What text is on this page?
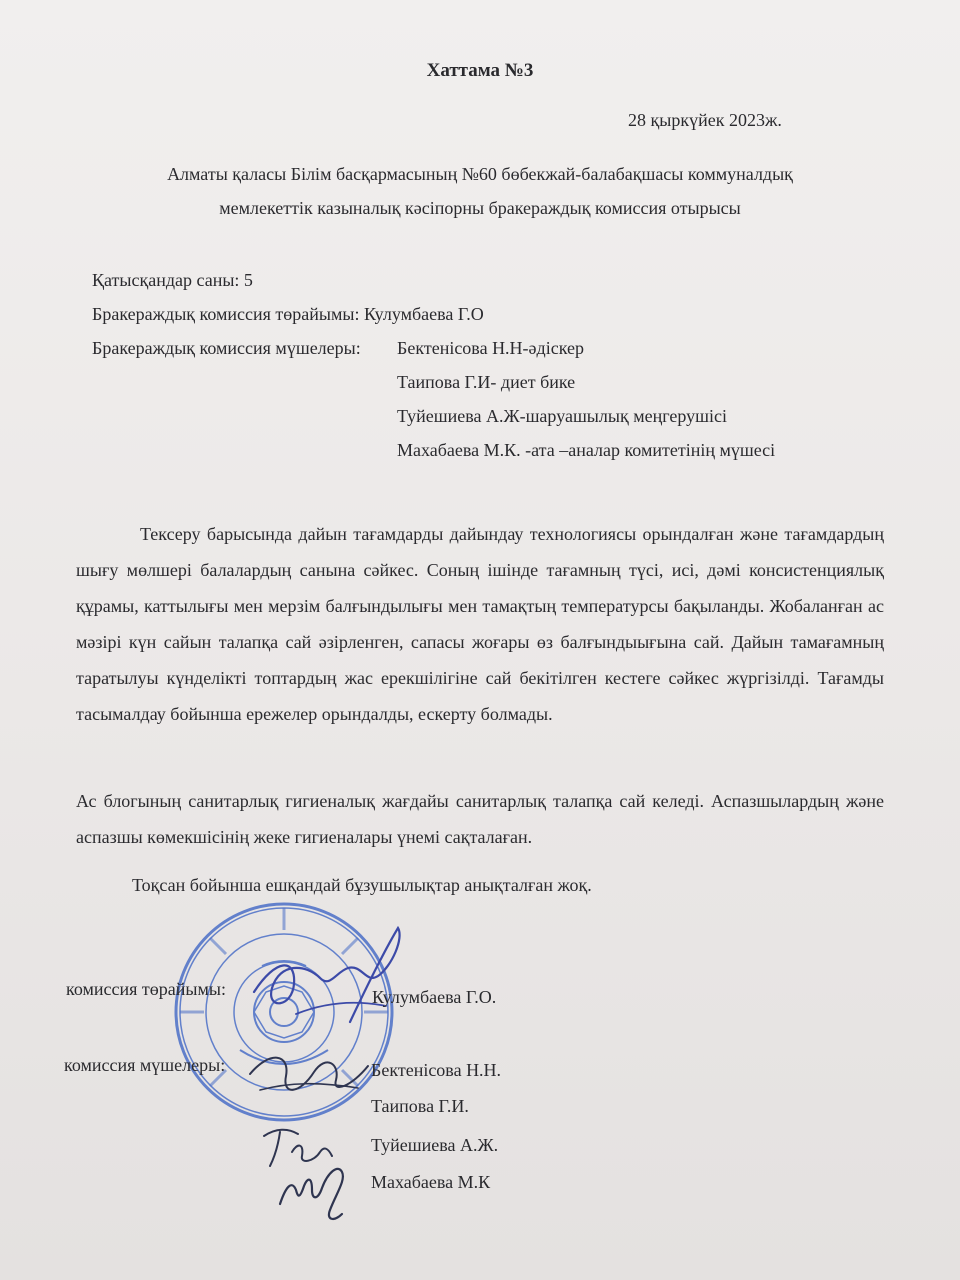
Хаттама №3
28 қыркүйек 2023ж.
Алматы қаласы Білім басқармасының №60 бөбекжай-балабақшасы коммуналдық
мемлекеттік казыналық кәсіпорны бракераждық комиссия отырысы
Қатысқандар саны: 5
Бракераждық комиссия төрайымы: Кулумбаева Г.О
Бракераждық комиссия мүшелеры: Бектенісова Н.Н-әдіскер
Таипова Г.И- диет бике
Туйешиева А.Ж-шаруашылық меңгерушісі
Махабаева М.К. -ата –аналар комитетінің мүшесі
Тексеру барысында дайын тағамдарды дайындау технологиясы орындалған және тағамдардың шығу мөлшері балалардың санына сәйкес. Соның ішінде тағамның түсі, исі, дәмі консистенциялық құрамы, каттылығы мен мерзім балғындылығы мен тамақтың температурсы бақыланды. Жобаланған ас мәзірі күн сайын талапқа сай әзірленген, сапасы жоғары өз балғындыығына сай. Дайын тамағамның таратылуы күнделікті топтардың жас ерекшілігіне сай бекітілген кестеге сәйкес жүргізілді. Тағамды тасымалдау бойынша ережелер орындалды, ескерту болмады.
Ас блогының санитарлық гигиеналық жағдайы санитарлық талапқа сай келеді. Аспазшылардың және аспазшы көмекшісінің жеке гигиеналары үнемі сақталаған.
Тоқсан бойынша ешқандай бұзушылықтар анықталған жоқ.
комиссия төрайымы:	Кулумбаева Г.О.
комиссия мүшелеры:	Бектенісова Н.Н.
Таипова Г.И.
Туйешиева А.Ж.
Махабаева М.К
